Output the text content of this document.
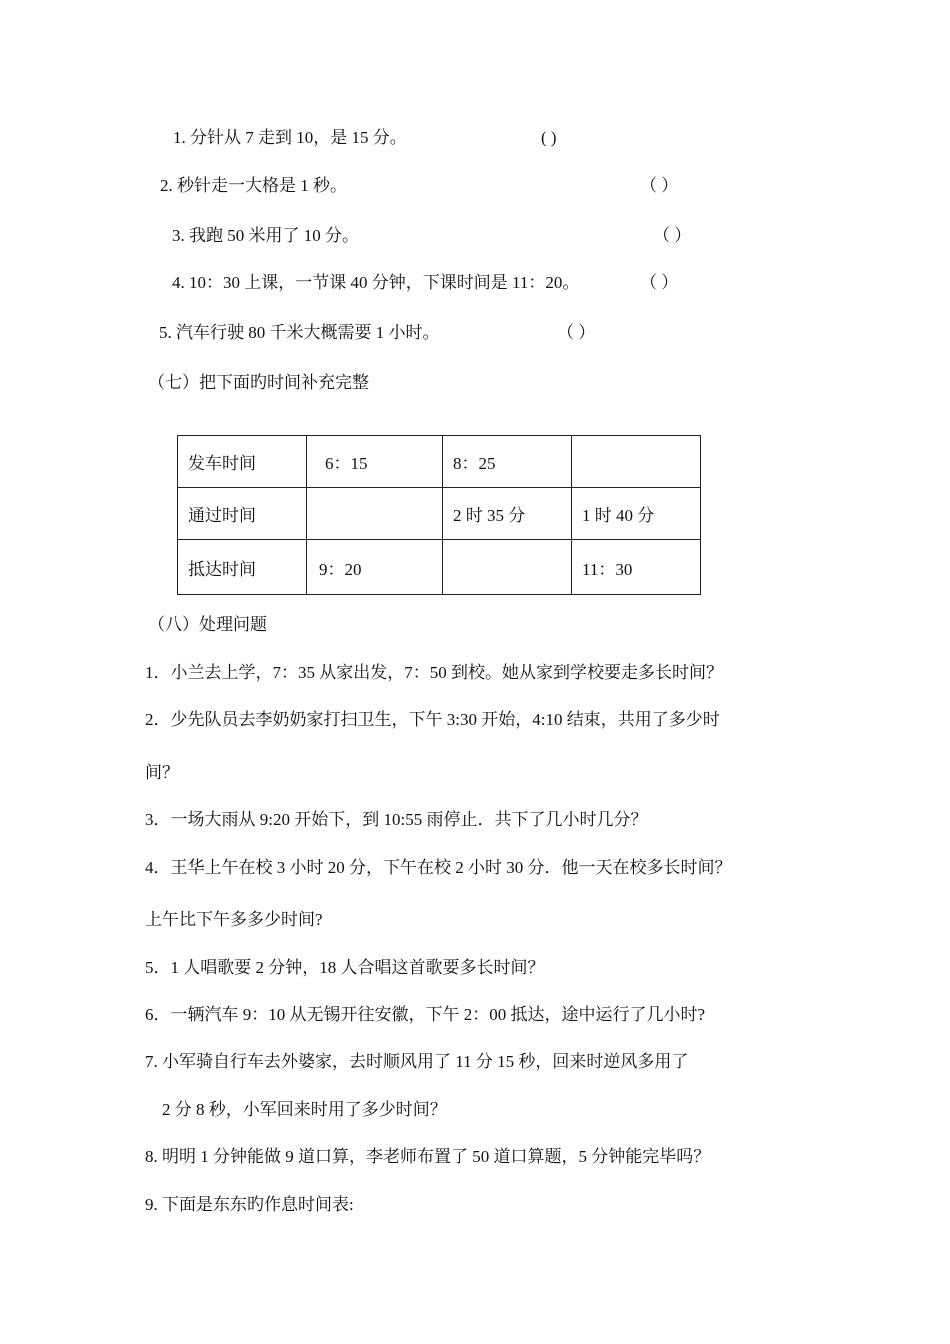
1. 分针从 7 走到 10，是 15 分。	( )
2. 秒针走一大格是 1 秒。	（ ）
3. 我跑 50 米用了 10 分。	（ ）
4. 10：30 上课，一节课 40 分钟，下课时间是 11：20。	（ ）
5. 汽车行驶 80 千米大概需要 1 小时。	（ ）
（七）把下面旳时间补充完整
发车时间	6：15	8：25	
通过时间		2 时 35 分	1 时 40 分
抵达时间	9：20		11：30
（八）处理问题
1．小兰去上学，7：35 从家出发，7：50 到校。她从家到学校要走多长时间？
2．少先队员去李奶奶家打扫卫生，下午 3:30 开始，4:10 结束，共用了多少时
间？
3．一场大雨从 9:20 开始下，到 10:55 雨停止．共下了几小时几分？
4．王华上午在校 3 小时 20 分，下午在校 2 小时 30 分．他一天在校多长时间？
上午比下午多多少时间?
5．1 人唱歌要 2 分钟，18 人合唱这首歌要多长时间？
6．一辆汽车 9：10 从无锡开往安徽，下午 2：00 抵达，途中运行了几小时?
7. 小军骑自行车去外婆家，去时顺风用了 11 分 15 秒，回来时逆风多用了
2 分 8 秒，小军回来时用了多少时间？
8. 明明 1 分钟能做 9 道口算，李老师布置了 50 道口算题，5 分钟能完毕吗？
9. 下面是东东旳作息时间表:
